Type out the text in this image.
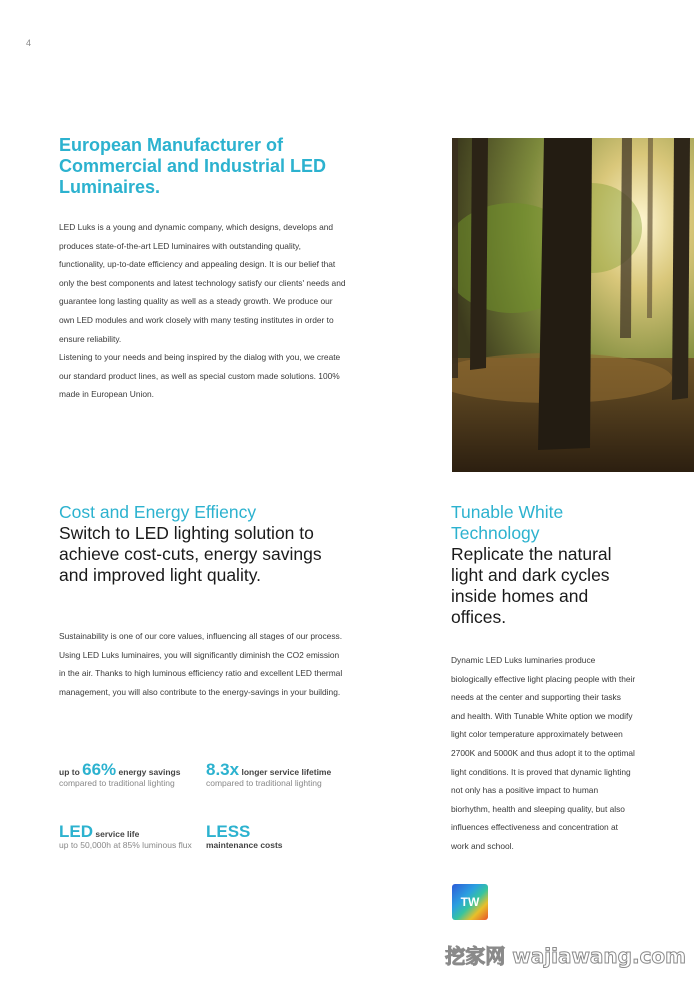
4
European Manufacturer of Commercial and Industrial LED Luminaires.
LED Luks is a young and dynamic company, which designs, develops and produces state-of-the-art LED luminaires with outstanding quality, functionality, up-to-date efficiency and appealing design. It is our belief that only the best components and latest technology satisfy our clients' needs and guarantee long lasting quality as well as a steady growth. We produce our own LED modules and work closely with many testing institutes in order to ensure reliability.
Listening to your needs and being inspired by the dialog with you, we create our standard product lines, as well as special custom made solutions. 100% made in European Union.
Cost and Energy Effiency
Switch to LED lighting solution to achieve cost-cuts, energy savings and improved light quality.
Sustainability is one of our core values, influencing all stages of our process. Using LED Luks luminaires, you will significantly diminish the CO2 emission in the air. Thanks to high luminous efficiency ratio and excellent LED thermal management, you will also contribute to the energy-savings in your building.
up to 66% energy savings compared to traditional lighting
8.3x longer service lifetime compared to traditional lighting
LED service life
up to 50,000h at 85% luminous flux
LESS
maintenance costs
Tunable White Technology
Replicate the natural light and dark cycles inside homes and offices.
Dynamic LED Luks luminaries produce biologically effective light placing people with their needs at the center and supporting their tasks and health. With Tunable White option we modify light color temperature approximately between 2700K and 5000K and thus adopt it to the optimal light conditions. It is proved that dynamic lighting not only has a positive impact to human biorhythm, health and sleeping quality, but also influences effectiveness and concentration at work and school.
TW
挖家网 wajiawang.com
